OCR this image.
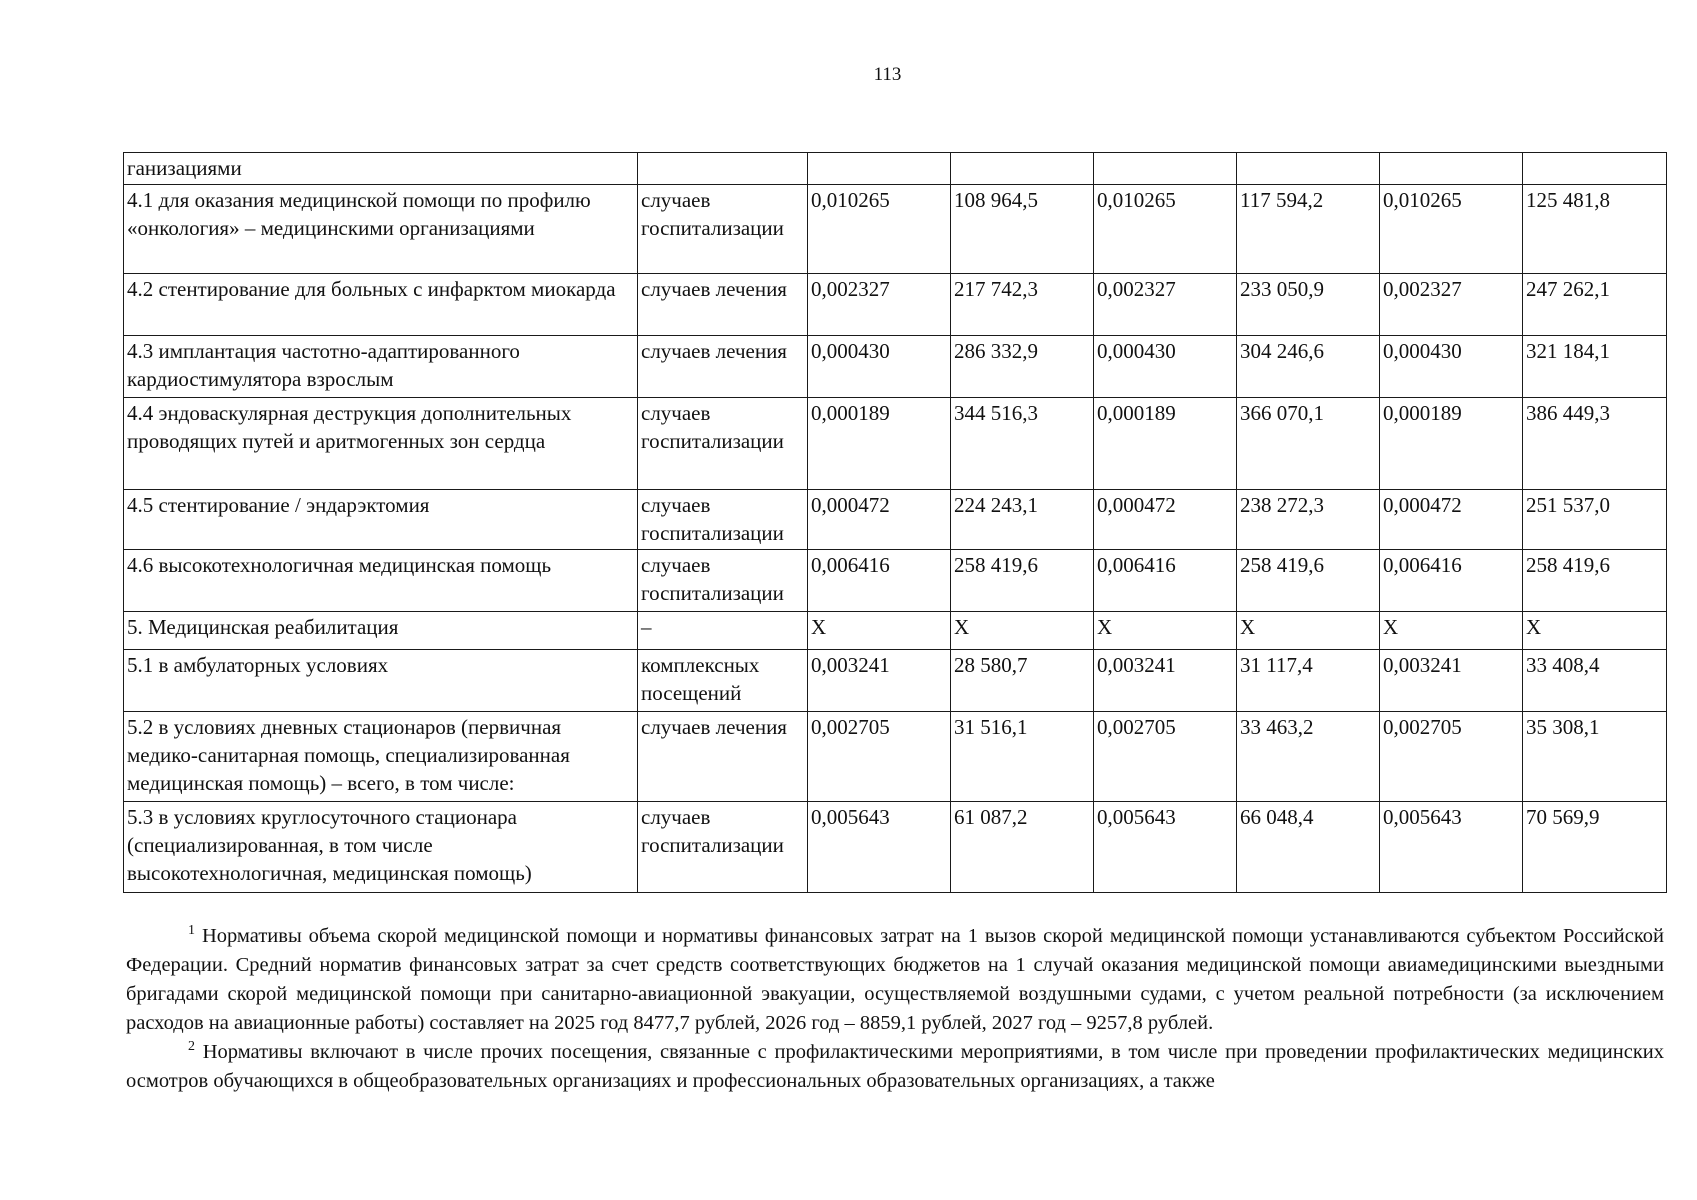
113
ганизациями							
4.1 для оказания медицинской помощи по профилю «онкология» – медицинскими организациями	случаев госпитализации	0,010265	108 964,5	0,010265	117 594,2	0,010265	125 481,8
4.2 стентирование для больных с инфарктом миокарда	случаев лечения	0,002327	217 742,3	0,002327	233 050,9	0,002327	247 262,1
4.3 имплантация частотно-адаптированного кардиостимулятора взрослым	случаев лечения	0,000430	286 332,9	0,000430	304 246,6	0,000430	321 184,1
4.4 эндоваскулярная деструкция дополнительных проводящих путей и аритмогенных зон сердца	случаев госпитализации	0,000189	344 516,3	0,000189	366 070,1	0,000189	386 449,3
4.5 стентирование / эндарэктомия	случаев госпитализации	0,000472	224 243,1	0,000472	238 272,3	0,000472	251 537,0
4.6 высокотехнологичная медицинская помощь	случаев госпитализации	0,006416	258 419,6	0,006416	258 419,6	0,006416	258 419,6
5. Медицинская реабилитация	–	X	X	X	X	X	X
5.1 в амбулаторных условиях	комплексных посещений	0,003241	28 580,7	0,003241	31 117,4	0,003241	33 408,4
5.2 в условиях дневных стационаров (первичная медико-санитарная помощь, специализированная медицинская помощь) – всего, в том числе:	случаев лечения	0,002705	31 516,1	0,002705	33 463,2	0,002705	35 308,1
5.3 в условиях круглосуточного стационара (специализированная, в том числе высокотехнологичная, медицинская помощь)	случаев госпитализации	0,005643	61 087,2	0,005643	66 048,4	0,005643	70 569,9

$^1$ Нормативы объема скорой медицинской помощи и нормативы финансовых затрат на 1 вызов скорой медицинской помощи устанавливаются субъектом Российской Федерации. Средний норматив финансовых затрат за счет средств соответствующих бюджетов на 1 случай оказания медицинской помощи авиамедицинскими выездными бригадами скорой медицинской помощи при санитарно-авиационной эвакуации, осуществляемой воздушными судами, с учетом реальной потребности (за исключением расходов на авиационные работы) составляет на 2025 год 8477,7 рублей, 2026 год – 8859,1 рублей, 2027 год – 9257,8 рублей.

$^2$ Нормативы включают в числе прочих посещения, связанные с профилактическими мероприятиями, в том числе при проведении профилактических медицинских осмотров обучающихся в общеобразовательных организациях и профессиональных образовательных организациях, а также
